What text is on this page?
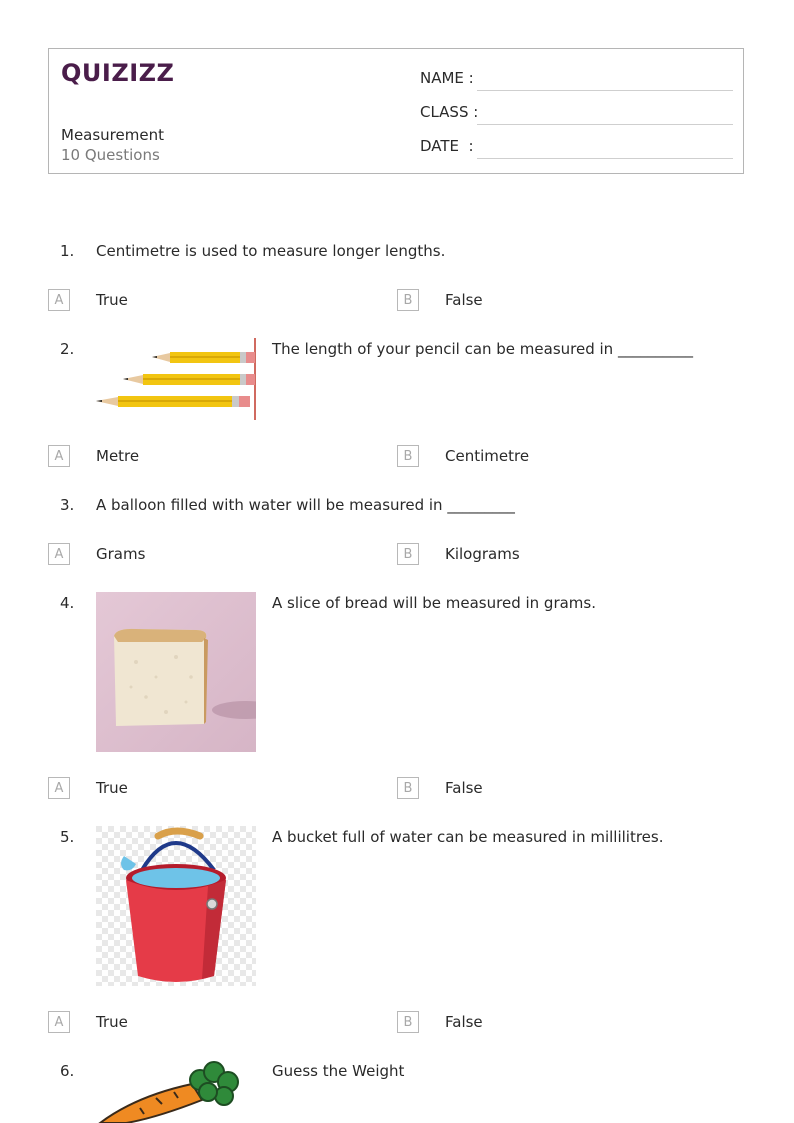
QUIZIZZ
Measurement
10 Questions
NAME :
CLASS :
DATE  :
1. Centimetre is used to measure longer lengths.
A	True	B	False
2.	The length of your pencil can be measured in __________
A	Metre	B	Centimetre
3. A balloon filled with water will be measured in _________
A	Grams	B	Kilograms
4.	A slice of bread will be measured in grams.
A	True	B	False
5.	A bucket full of water can be measured in millilitres.
A	True	B	False
6.	Guess the Weight
